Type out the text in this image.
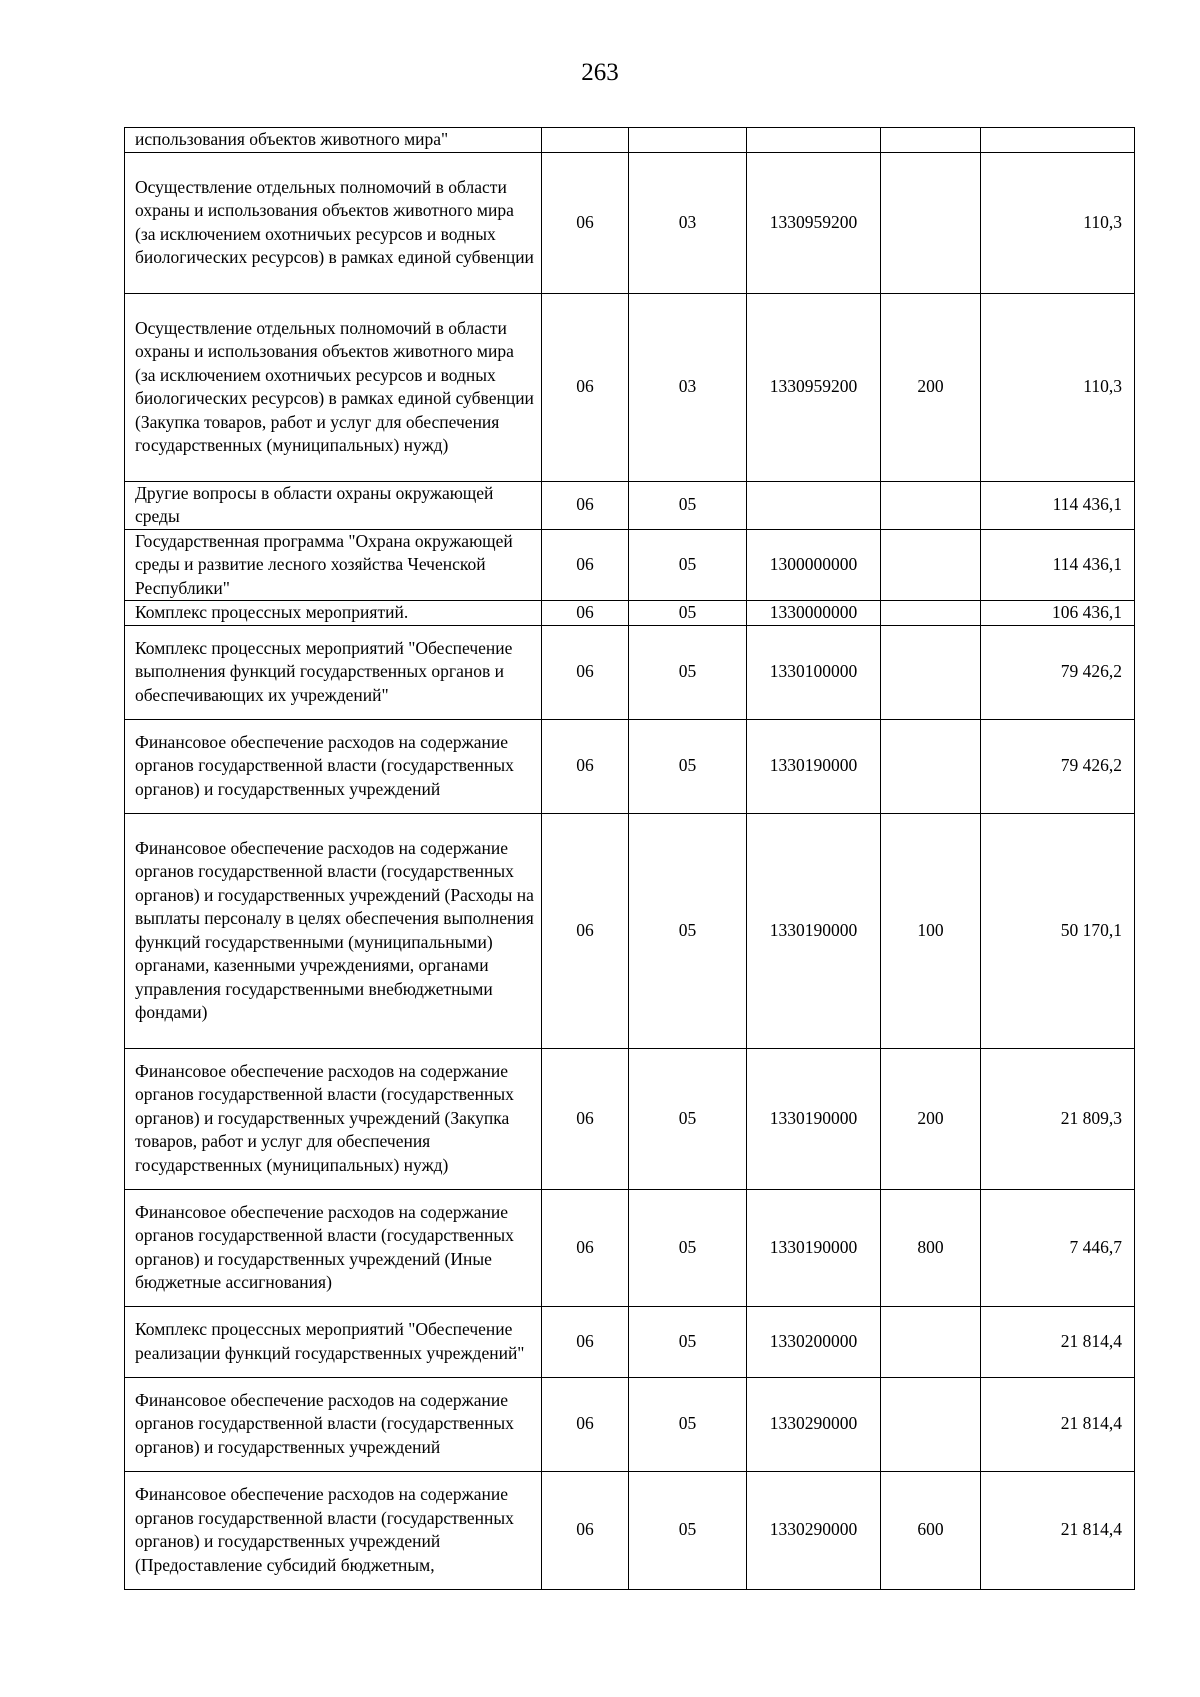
263
использования объектов животного мира"					
Осуществление отдельных полномочий в области охраны и использования объектов животного мира (за исключением охотничьих ресурсов и водных биологических ресурсов) в рамках единой субвенции	06	03	1330959200		110,3
Осуществление отдельных полномочий в области охраны и использования объектов животного мира (за исключением охотничьих ресурсов и водных биологических ресурсов) в рамках единой субвенции (Закупка товаров, работ и услуг для обеспечения государственных (муниципальных) нужд)	06	03	1330959200	200	110,3
Другие вопросы в области охраны окружающей среды	06	05			114 436,1
Государственная программа "Охрана окружающей среды и развитие лесного хозяйства Чеченской Республики"	06	05	1300000000		114 436,1
Комплекс процессных мероприятий.	06	05	1330000000		106 436,1
Комплекс процессных мероприятий "Обеспечение выполнения функций государственных органов и обеспечивающих их учреждений"	06	05	1330100000		79 426,2
Финансовое обеспечение расходов на содержание органов государственной власти (государственных органов) и государственных учреждений	06	05	1330190000		79 426,2
Финансовое обеспечение расходов на содержание органов государственной власти (государственных органов) и государственных учреждений (Расходы на выплаты персоналу в целях обеспечения выполнения функций государственными (муниципальными) органами, казенными учреждениями, органами управления государственными внебюджетными фондами)	06	05	1330190000	100	50 170,1
Финансовое обеспечение расходов на содержание органов государственной власти (государственных органов) и государственных учреждений (Закупка товаров, работ и услуг для обеспечения государственных (муниципальных) нужд)	06	05	1330190000	200	21 809,3
Финансовое обеспечение расходов на содержание органов государственной власти (государственных органов) и государственных учреждений (Иные бюджетные ассигнования)	06	05	1330190000	800	7 446,7
Комплекс процессных мероприятий "Обеспечение реализации функций государственных учреждений"	06	05	1330200000		21 814,4
Финансовое обеспечение расходов на содержание органов государственной власти (государственных органов) и государственных учреждений	06	05	1330290000		21 814,4
Финансовое обеспечение расходов на содержание органов государственной власти (государственных органов) и государственных учреждений (Предоставление субсидий бюджетным,	06	05	1330290000	600	21 814,4
